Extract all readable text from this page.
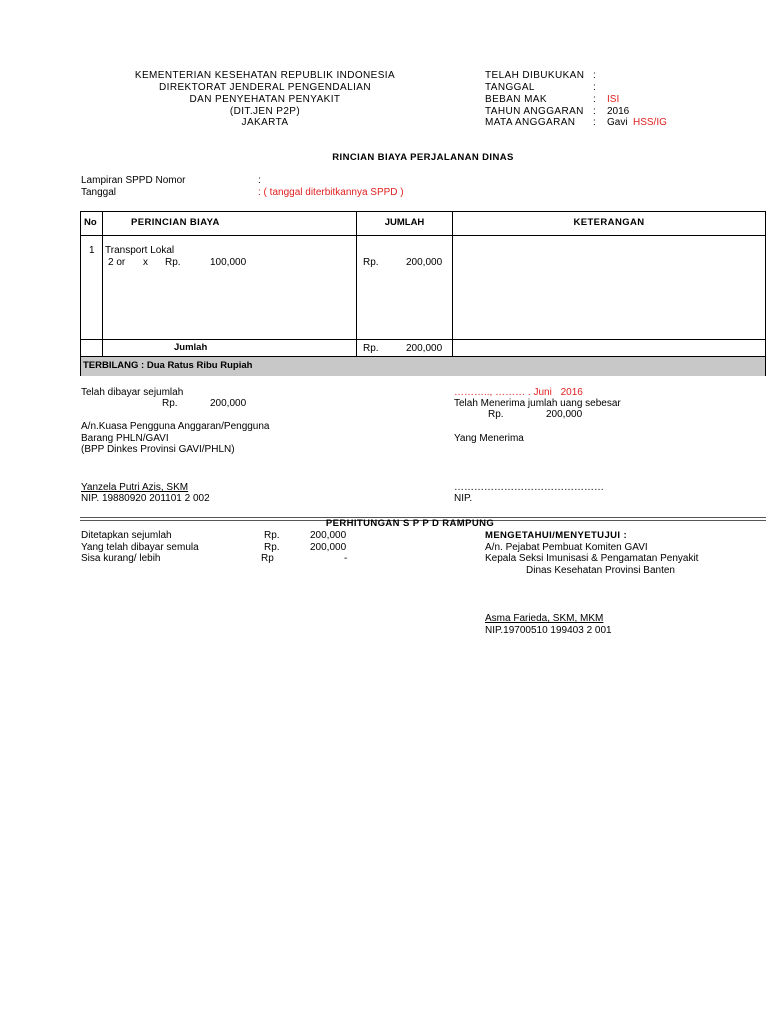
KEMENTERIAN KESEHATAN REPUBLIK INDONESIA
DIREKTORAT JENDERAL PENGENDALIAN
DAN PENYEHATAN PENYAKIT
(DIT.JEN P2P)
JAKARTA
TELAH DIBUKUKAN :
TANGGAL	:
BEBAN MAK	: ISI
TAHUN ANGGARAN : 2016
MATA ANGGARAN : Gavi HSS/IG
RINCIAN BIAYA PERJALANAN DINAS
Lampiran SPPD Nomor	:
Tanggal	: ( tanggal diterbitkannya SPPD )
No	PERINCIAN BIAYA	JUMLAH	KETERANGAN
1 Transport Lokal
2 or x Rp.	100,000	Rp.	200,000
Jumlah	Rp.	200,000
TERBILANG : Dua Ratus Ribu Rupiah
Telah dibayar sejumlah
Rp.	200,000
A/n.Kuasa Pengguna Anggaran/Pengguna
Barang PHLN/GAVI
(BPP Dinkes Provinsi GAVI/PHLN)
Yanzela Putri Azis, SKM
NIP. 19880920 201101 2 002
……….., ……… . Juni 2016
Telah Menerima jumlah uang sebesar
Rp.	200,000
Yang Menerima
………………………………………
NIP.
PERHITUNGAN S P P D RAMPUNG
Ditetapkan sejumlah	Rp.	200,000
Yang telah dibayar semula	Rp.	200,000
Sisa kurang/ lebih	Rp	-
MENGETAHUI/MENYETUJUI :
A/n. Pejabat Pembuat Komiten GAVI
Kepala Seksi Imunisasi & Pengamatan Penyakit
Dinas Kesehatan Provinsi Banten
Asma Farieda, SKM, MKM
NIP.19700510 199403 2 001
